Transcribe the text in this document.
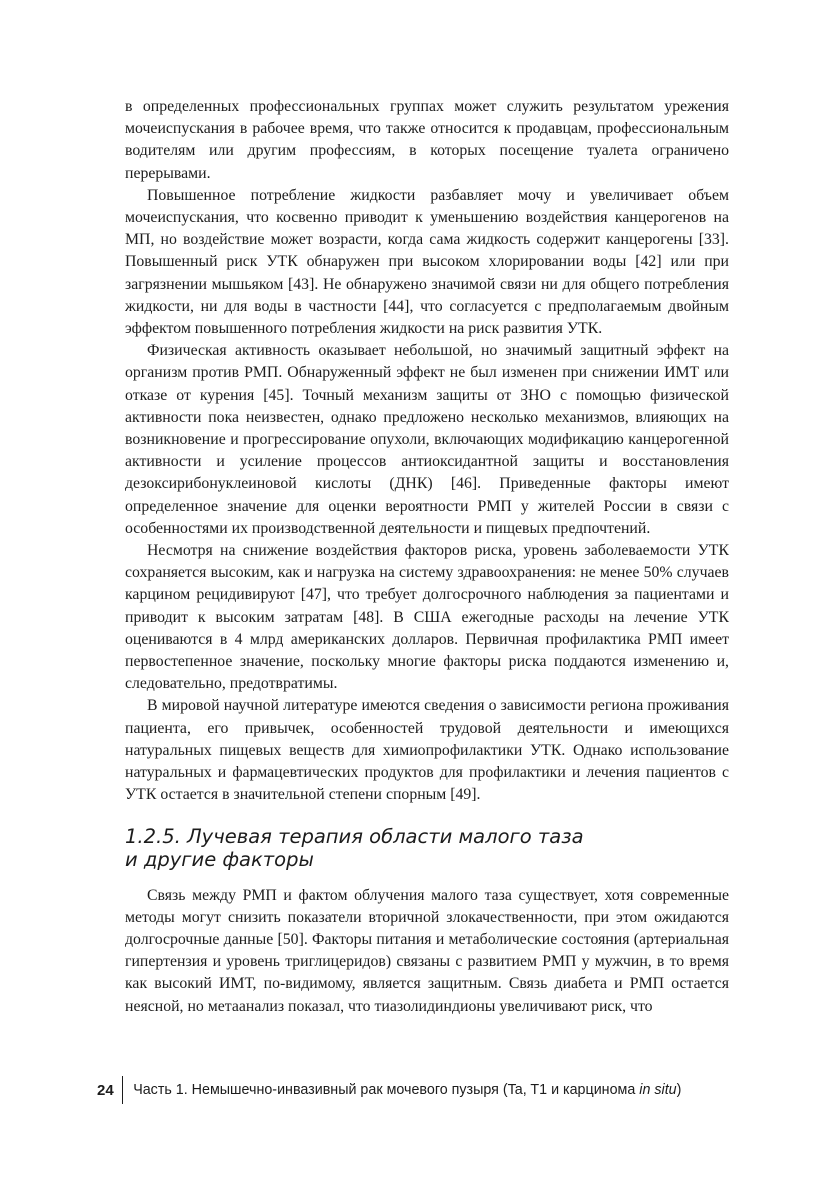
в определенных профессиональных группах может служить результатом урежения мочеиспускания в рабочее время, что также относится к продавцам, профессиональным водителям или другим профессиям, в которых посещение туалета ограничено перерывами.

Повышенное потребление жидкости разбавляет мочу и увеличивает объем мочеиспускания, что косвенно приводит к уменьшению воздействия канцерогенов на МП, но воздействие может возрасти, когда сама жидкость содержит канцерогены [33]. Повышенный риск УТК обнаружен при высоком хлорировании воды [42] или при загрязнении мышьяком [43]. Не обнаружено значимой связи ни для общего потребления жидкости, ни для воды в частности [44], что согласуется с предполагаемым двойным эффектом повышенного потребления жидкости на риск развития УТК.

Физическая активность оказывает небольшой, но значимый защитный эффект на организм против РМП. Обнаруженный эффект не был изменен при снижении ИМТ или отказе от курения [45]. Точный механизм защиты от ЗНО с помощью физической активности пока неизвестен, однако предложено несколько механизмов, влияющих на возникновение и прогрессирование опухоли, включающих модификацию канцерогенной активности и усиление процессов антиоксидантной защиты и восстановления дезоксирибонуклеиновой кислоты (ДНК) [46]. Приведенные факторы имеют определенное значение для оценки вероятности РМП у жителей России в связи с особенностями их производственной деятельности и пищевых предпочтений.

Несмотря на снижение воздействия факторов риска, уровень заболеваемости УТК сохраняется высоким, как и нагрузка на систему здравоохранения: не менее 50% случаев карцином рецидивируют [47], что требует долгосрочного наблюдения за пациентами и приводит к высоким затратам [48]. В США ежегодные расходы на лечение УТК оцениваются в 4 млрд американских долларов. Первичная профилактика РМП имеет первостепенное значение, поскольку многие факторы риска поддаются изменению и, следовательно, предотвратимы.

В мировой научной литературе имеются сведения о зависимости региона проживания пациента, его привычек, особенностей трудовой деятельности и имеющихся натуральных пищевых веществ для химиопрофилактики УТК. Однако использование натуральных и фармацевтических продуктов для профилактики и лечения пациентов с УТК остается в значительной степени спорным [49].

1.2.5. Лучевая терапия области малого таза
и другие факторы

Связь между РМП и фактом облучения малого таза существует, хотя современные методы могут снизить показатели вторичной злокачественности, при этом ожидаются долгосрочные данные [50]. Факторы питания и метаболические состояния (артериальная гипертензия и уровень триглицеридов) связаны с развитием РМП у мужчин, в то время как высокий ИМТ, по-видимому, является защитным. Связь диабета и РМП остается неясной, но метаанализ показал, что тиазолидиндионы увеличивают риск, что

24	Часть 1. Немышечно-инвазивный рак мочевого пузыря (Ta, T1 и карцинома in situ)
